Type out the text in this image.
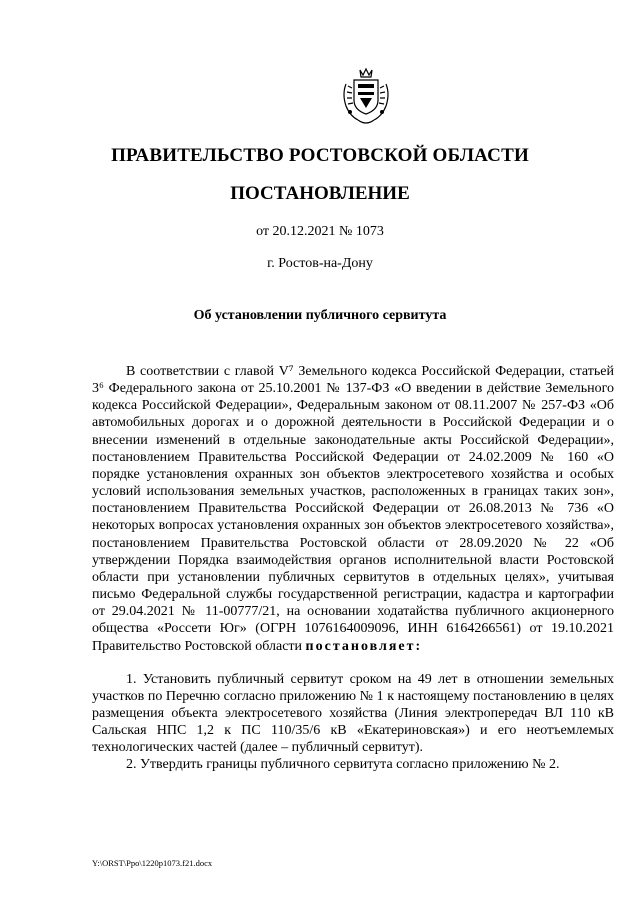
ПРАВИТЕЛЬСТВО РОСТОВСКОЙ ОБЛАСТИ
ПОСТАНОВЛЕНИЕ
от 20.12.2021 № 1073
г. Ростов-на-Дону
Об установлении публичного сервитута

В соответствии с главой V⁷ Земельного кодекса Российской Федерации, статьей 3⁶ Федерального закона от 25.10.2001 № 137-ФЗ «О введении в действие Земельного кодекса Российской Федерации», Федеральным законом от 08.11.2007 № 257-ФЗ «Об автомобильных дорогах и о дорожной деятельности в Российской Федерации и о внесении изменений в отдельные законодательные акты Российской Федерации», постановлением Правительства Российской Федерации от 24.02.2009 № 160 «О порядке установления охранных зон объектов электросетевого хозяйства и особых условий использования земельных участков, расположенных в границах таких зон», постановлением Правительства Российской Федерации от 26.08.2013 № 736 «О некоторых вопросах установления охранных зон объектов электросетевого хозяйства», постановлением Правительства Ростовской области от 28.09.2020 № 22 «Об утверждении Порядка взаимодействия органов исполнительной власти Ростовской области при установлении публичных сервитутов в отдельных целях», учитывая письмо Федеральной службы государственной регистрации, кадастра и картографии от 29.04.2021 № 11-00777/21, на основании ходатайства публичного акционерного общества «Россети Юг» (ОГРН 1076164009096, ИНН 6164266561) от 19.10.2021 Правительство Ростовской области постановляет:

1. Установить публичный сервитут сроком на 49 лет в отношении земельных участков по Перечню согласно приложению № 1 к настоящему постановлению в целях размещения объекта электросетевого хозяйства (Линия электропередач ВЛ 110 кВ Сальская НПС 1,2 к ПС 110/35/6 кВ «Екатериновская») и его неотъемлемых технологических частей (далее – публичный сервитут).

2. Утвердить границы публичного сервитута согласно приложению № 2.

Y:\ORST\Ppo\1220p1073.f21.docx
